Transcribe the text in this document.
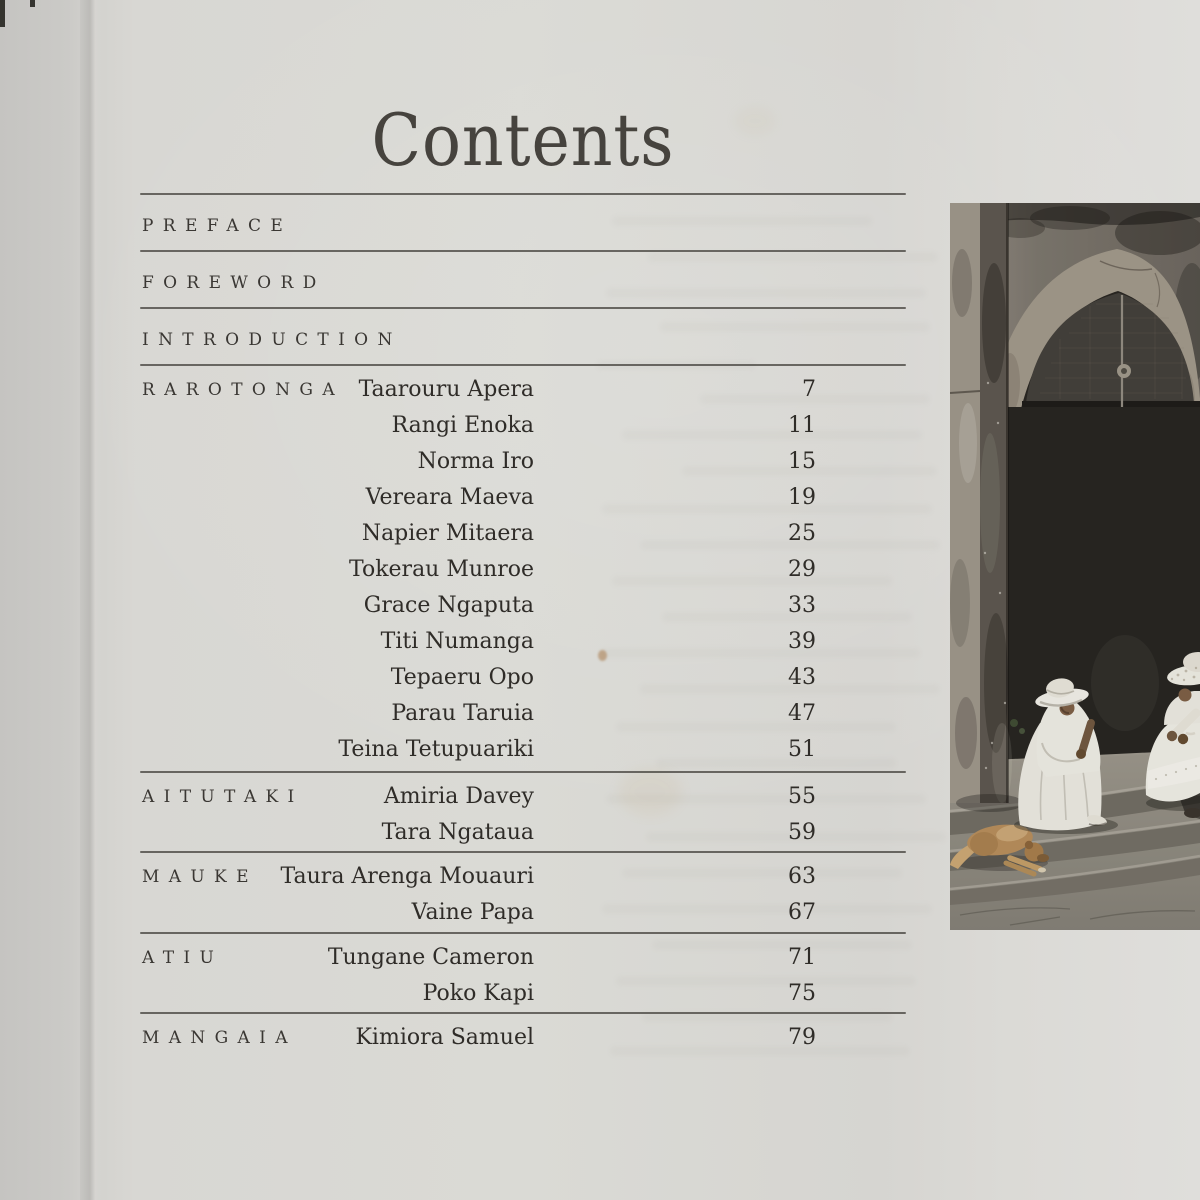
Contents
PREFACE
FOREWORD
INTRODUCTION
RAROTONGA Taarouru Apera	7
Rangi Enoka	11
Norma Iro	15
Vereara Maeva	19
Napier Mitaera	25
Tokerau Munroe	29
Grace Ngaputa	33
Titi Numanga	39
Tepaeru Opo	43
Parau Taruia	47
Teina Tetupuariki	51
AITUTAKI	Amiria Davey	55
Tara Ngataua	59
MAUKE	Taura Arenga Mouauri	63
Vaine Papa	67
ATIU	Tungane Cameron	71
Poko Kapi	75
MANGAIA	Kimiora Samuel	79
